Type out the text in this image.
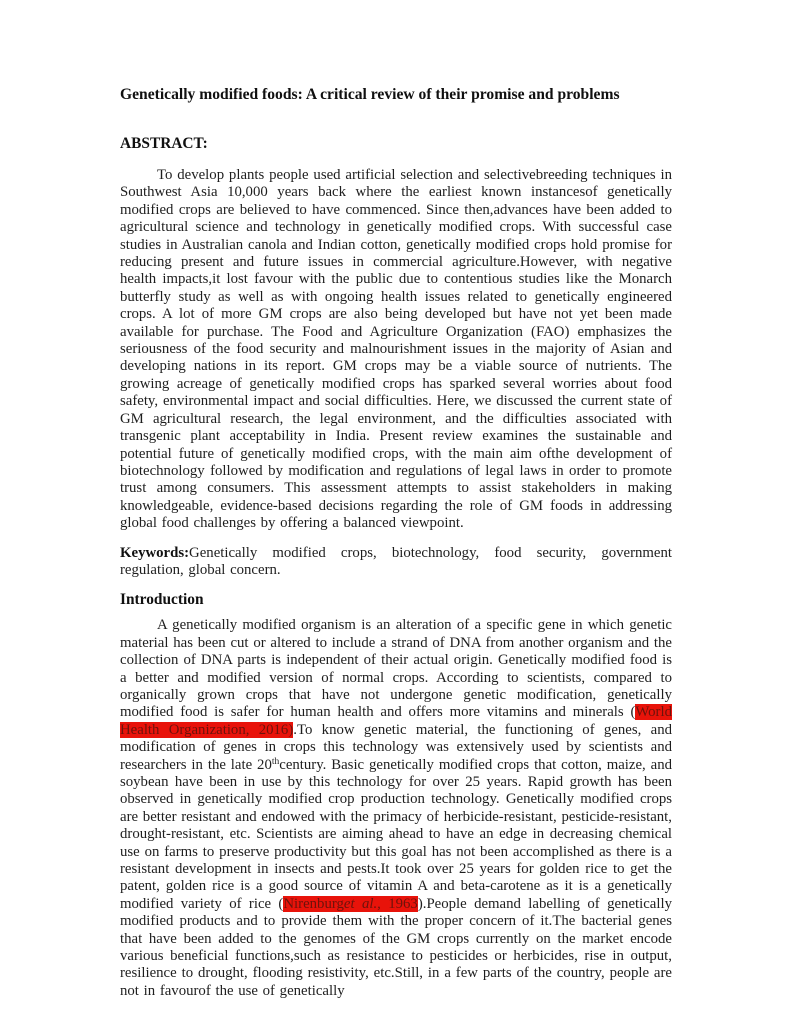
Genetically modified foods: A critical review of their promise and problems
ABSTRACT:

To develop plants people used artificial selection and selectivebreeding techniques in Southwest Asia 10,000 years back where the earliest known instancesof genetically modified crops are believed to have commenced. Since then,advances have been added to agricultural science and technology in genetically modified crops. With successful case studies in Australian canola and Indian cotton, genetically modified crops hold promise for reducing present and future issues in commercial agriculture.However, with negative health impacts,it lost favour with the public due to contentious studies like the Monarch butterfly study as well as with ongoing health issues related to genetically engineered crops. A lot of more GM crops are also being developed but have not yet been made available for purchase. The Food and Agriculture Organization (FAO) emphasizes the seriousness of the food security and malnourishment issues in the majority of Asian and developing nations in its report. GM crops may be a viable source of nutrients. The growing acreage of genetically modified crops has sparked several worries about food safety, environmental impact and social difficulties. Here, we discussed the current state of GM agricultural research, the legal environment, and the difficulties associated with transgenic plant acceptability in India. Present review examines the sustainable and potential future of genetically modified crops, with the main aim ofthe development of biotechnology followed by modification and regulations of legal laws in order to promote trust among consumers. This assessment attempts to assist stakeholders in making knowledgeable, evidence-based decisions regarding the role of GM foods in addressing global food challenges by offering a balanced viewpoint.

Keywords:Genetically modified crops, biotechnology, food security, government regulation, global concern.

Introduction

A genetically modified organism is an alteration of a specific gene in which genetic material has been cut or altered to include a strand of DNA from another organism and the collection of DNA parts is independent of their actual origin. Genetically modified food is a better and modified version of normal crops. According to scientists, compared to organically grown crops that have not undergone genetic modification, genetically modified food is safer for human health and offers more vitamins and minerals (World Health Organization, 2016).To know genetic material, the functioning of genes, and modification of genes in crops this technology was extensively used by scientists and researchers in the late 20thcentury. Basic genetically modified crops that cotton, maize, and soybean have been in use by this technology for over 25 years. Rapid growth has been observed in genetically modified crop production technology. Genetically modified crops are better resistant and endowed with the primacy of herbicide-resistant, pesticide-resistant, drought-resistant, etc. Scientists are aiming ahead to have an edge in decreasing chemical use on farms to preserve productivity but this goal has not been accomplished as there is a resistant development in insects and pests.It took over 25 years for golden rice to get the patent, golden rice is a good source of vitamin A and beta-carotene as it is a genetically modified variety of rice (Nirenburget al., 1963).People demand labelling of genetically modified products and to provide them with the proper concern of it.The bacterial genes that have been added to the genomes of the GM crops currently on the market encode various beneficial functions,such as resistance to pesticides or herbicides, rise in output, resilience to drought, flooding resistivity, etc.Still, in a few parts of the country, people are not in favourof the use of genetically
